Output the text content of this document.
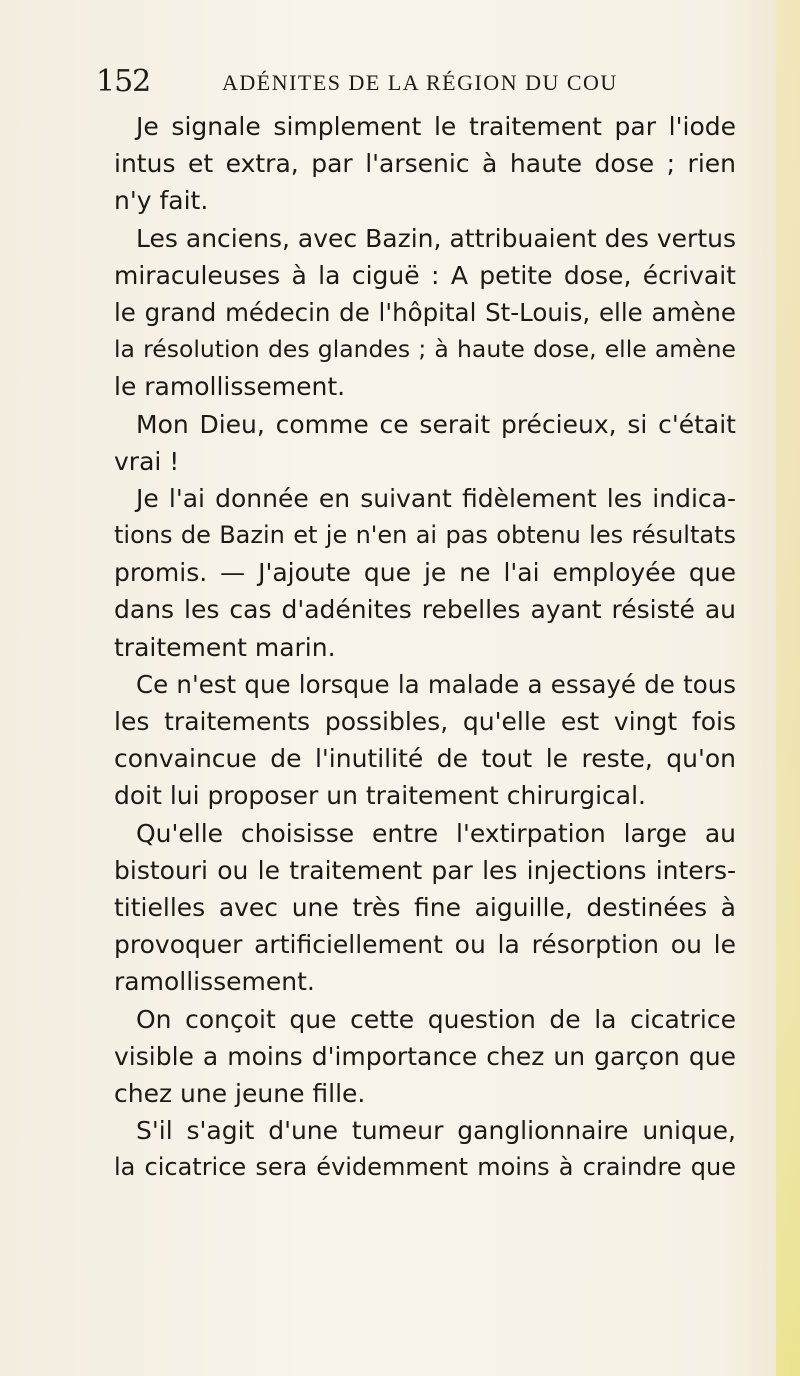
152	ADÉNITES DE LA RÉGION DU COU
Je signale simplement le traitement par l'iode
intus et extra, par l'arsenic à haute dose ; rien
n'y fait.
Les anciens, avec Bazin, attribuaient des vertus
miraculeuses à la ciguë : A petite dose, écrivait
le grand médecin de l'hôpital St-Louis, elle amène
la résolution des glandes ; à haute dose, elle amène
le ramollissement.
Mon Dieu, comme ce serait précieux, si c'était
vrai !
Je l'ai donnée en suivant fidèlement les indica-
tions de Bazin et je n'en ai pas obtenu les résultats
promis. — J'ajoute que je ne l'ai employée que
dans les cas d'adénites rebelles ayant résisté au
traitement marin.
Ce n'est que lorsque la malade a essayé de tous
les traitements possibles, qu'elle est vingt fois
convaincue de l'inutilité de tout le reste, qu'on
doit lui proposer un traitement chirurgical.
Qu'elle choisisse entre l'extirpation large au
bistouri ou le traitement par les injections inters-
titielles avec une très fine aiguille, destinées à
provoquer artificiellement ou la résorption ou le
ramollissement.
On conçoit que cette question de la cicatrice
visible a moins d'importance chez un garçon que
chez une jeune fille.
S'il s'agit d'une tumeur ganglionnaire unique,
la cicatrice sera évidemment moins à craindre que
